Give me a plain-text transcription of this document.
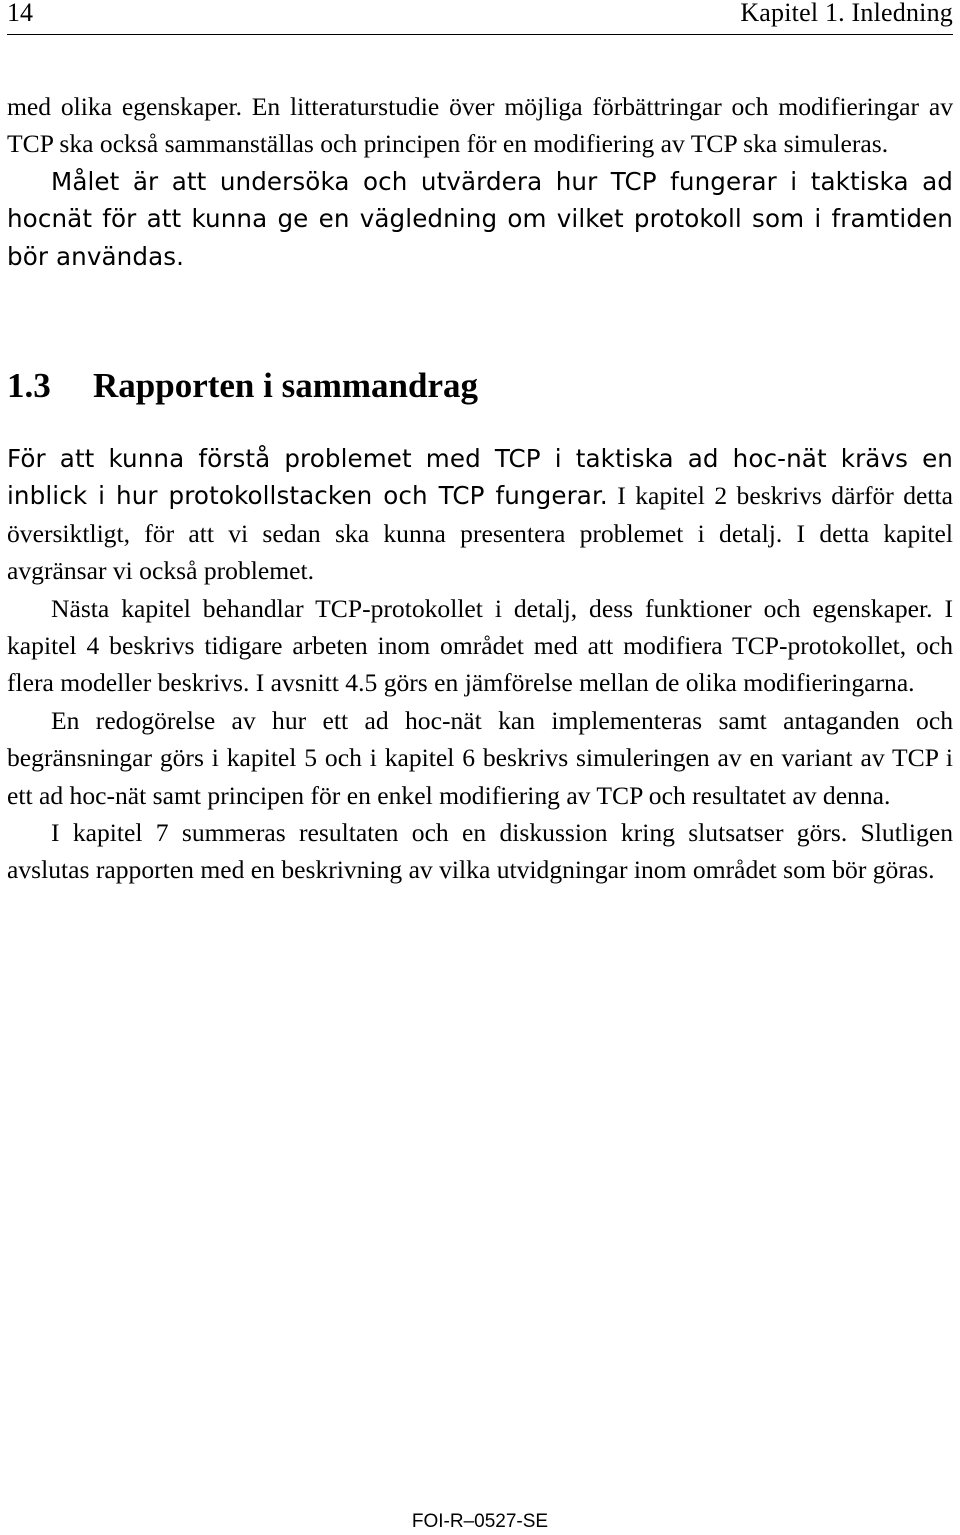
14	Kapitel 1. Inledning

med olika egenskaper. En litteraturstudie över möjliga förbättringar och modifieringar av TCP ska också sammanställas och principen för en modifiering av TCP ska simuleras.

Målet är att undersöka och utvärdera hur TCP fungerar i taktiska ad hocnät för att kunna ge en vägledning om vilket protokoll som i framtiden bör användas.

1.3 Rapporten i sammandrag

För att kunna förstå problemet med TCP i taktiska ad hoc-nät krävs en inblick i hur protokollstacken och TCP fungerar. I kapitel 2 beskrivs därför detta översiktligt, för att vi sedan ska kunna presentera problemet i detalj. I detta kapitel avgränsar vi också problemet.

Nästa kapitel behandlar TCP-protokollet i detalj, dess funktioner och egenskaper. I kapitel 4 beskrivs tidigare arbeten inom området med att modifiera TCP-protokollet, och flera modeller beskrivs. I avsnitt 4.5 görs en jämförelse mellan de olika modifieringarna.

En redogörelse av hur ett ad hoc-nät kan implementeras samt antaganden och begränsningar görs i kapitel 5 och i kapitel 6 beskrivs simuleringen av en variant av TCP i ett ad hoc-nät samt principen för en enkel modifiering av TCP och resultatet av denna.

I kapitel 7 summeras resultaten och en diskussion kring slutsatser görs. Slutligen avslutas rapporten med en beskrivning av vilka utvidgningar inom området som bör göras.

FOI-R–0527-SE
